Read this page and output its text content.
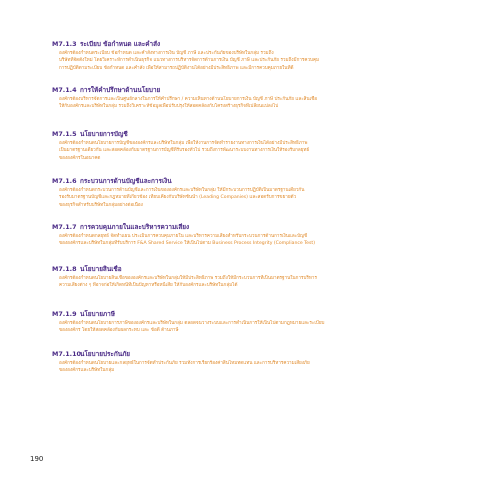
M7.1.3 ระเบียบ ข้อกำหนด และคำสั่ง
องค์กรต้องกำหนดระเบียบ ข้อกำหนด และคำสั่งทางการเงิน บัญชี ภาษี และประกันภัยของบริษัทในกลุ่ม รวมถึง
บริษัทที่จัดตั้งใหม่ โดยวิเคราะห์การดำเนินธุรกิจ แนวทางการบริหารจัดการด้านการเงิน บัญชี ภาษี และประกันภัย รวมถึงมีการควบคุม
การปฏิบัติตามระเบียบ ข้อกำหนด และคำสั่ง เพื่อให้สามารถปฏิบัติงานได้อย่างมีประสิทธิภาพ และมีการควบคุมภายในที่ดี
M7.1.4 การให้คำปรึกษาด้านนโยบาย
องค์กรต้องบริหารจัดการและเป็นศูนย์กลางในการให้คำปรึกษา / ความเห็นทางด้านนโยบายการเงิน บัญชี ภาษี ประกันภัย และสินเชื่อ
ให้กับองค์กรและบริษัทในกลุ่ม รวมถึงวิเคราะห์ข้อมูลเพื่อปรับปรุงให้สอดคล้องกับโครงสร้างธุรกิจที่เปลี่ยนแปลงไป
M7.1.5 นโยบายการบัญชี
องค์กรต้องกำหนดนโยบายการบัญชีขององค์กรและบริษัทในกลุ่ม เพื่อให้งานการจัดทำรายงานทางการเงินได้อย่างมีประสิทธิภาพ
เป็นมาตรฐานเดียวกัน และสอดคล้องกับมาตรฐานการบัญชีที่รับรองทั่วไป รวมถึงการพัฒนาระบบงานทางการเงินให้รองรับกลยุทธ์
ขององค์กรในอนาคต
M7.1.6 กระบวนการด้านบัญชีและการเงิน
องค์กรต้องกำหนดกระบวนการด้านบัญชีและการเงินขององค์กรและบริษัทในกลุ่ม ให้มีกระบวนการปฏิบัติเป็นมาตรฐานเดียวกัน
รองรับมาตรฐานบัญชีและกฎหมายที่เกี่ยวข้อง เทียบเคียงกับบริษัทชั้นนำ (Leading Companies) และสอดรับการขยายตัว
ของธุรกิจสำหรับบริษัทในกลุ่มอย่างต่อเนื่อง
M7.1.7 การควบคุมภายในและบริหารความเสี่ยง
องค์กรต้องกำหนดกลยุทธ์ จัดทำแผน ประเมินการควบคุมภายใน และบริหารความเสี่ยงสำหรับกระบวนการด้านการเงินและบัญชี
ขององค์กรและบริษัทในกลุ่มที่รับบริการ F&A Shared Service ให้เป็นไปตาม Business Process Integrity (Compliance Test)
M7.1.8 นโยบายสินเชื่อ
องค์กรต้องกำหนดนโยบายสินเชื่อขององค์กรและบริษัทในกลุ่มให้มีประสิทธิภาพ รวมถึงให้มีกระบวนการที่เป็นมาตรฐานในการบริหาร
ความเสี่ยงต่าง ๆ ที่อาจก่อให้เกิดหนี้ที่เป็นปัญหาหรือหนี้เสีย ให้กับองค์กรและบริษัทในกลุ่มได้
M7.1.9 นโยบายภาษี
องค์กรต้องกำหนดนโยบายการภาษีขององค์กรและบริษัทในกลุ่ม ตลอดจนวางระบบและการดำเนินการให้เป็นไปตามกฎหมายและระเบียบ
ขององค์กร โดยให้สอดคล้องกับผลกระทบ และ ข้อดี ด้านภาษี
M7.1.10
นโยบายประกันภัย
องค์กรต้องกำหนดนโยบายและกลยุทธ์ในการจัดทำประกันภัย รวมทั้งการเรียกร้องค่าสินไหมทดแทน และการบริหารความเสี่ยงภัย
ขององค์กรและบริษัทในกลุ่ม
190
